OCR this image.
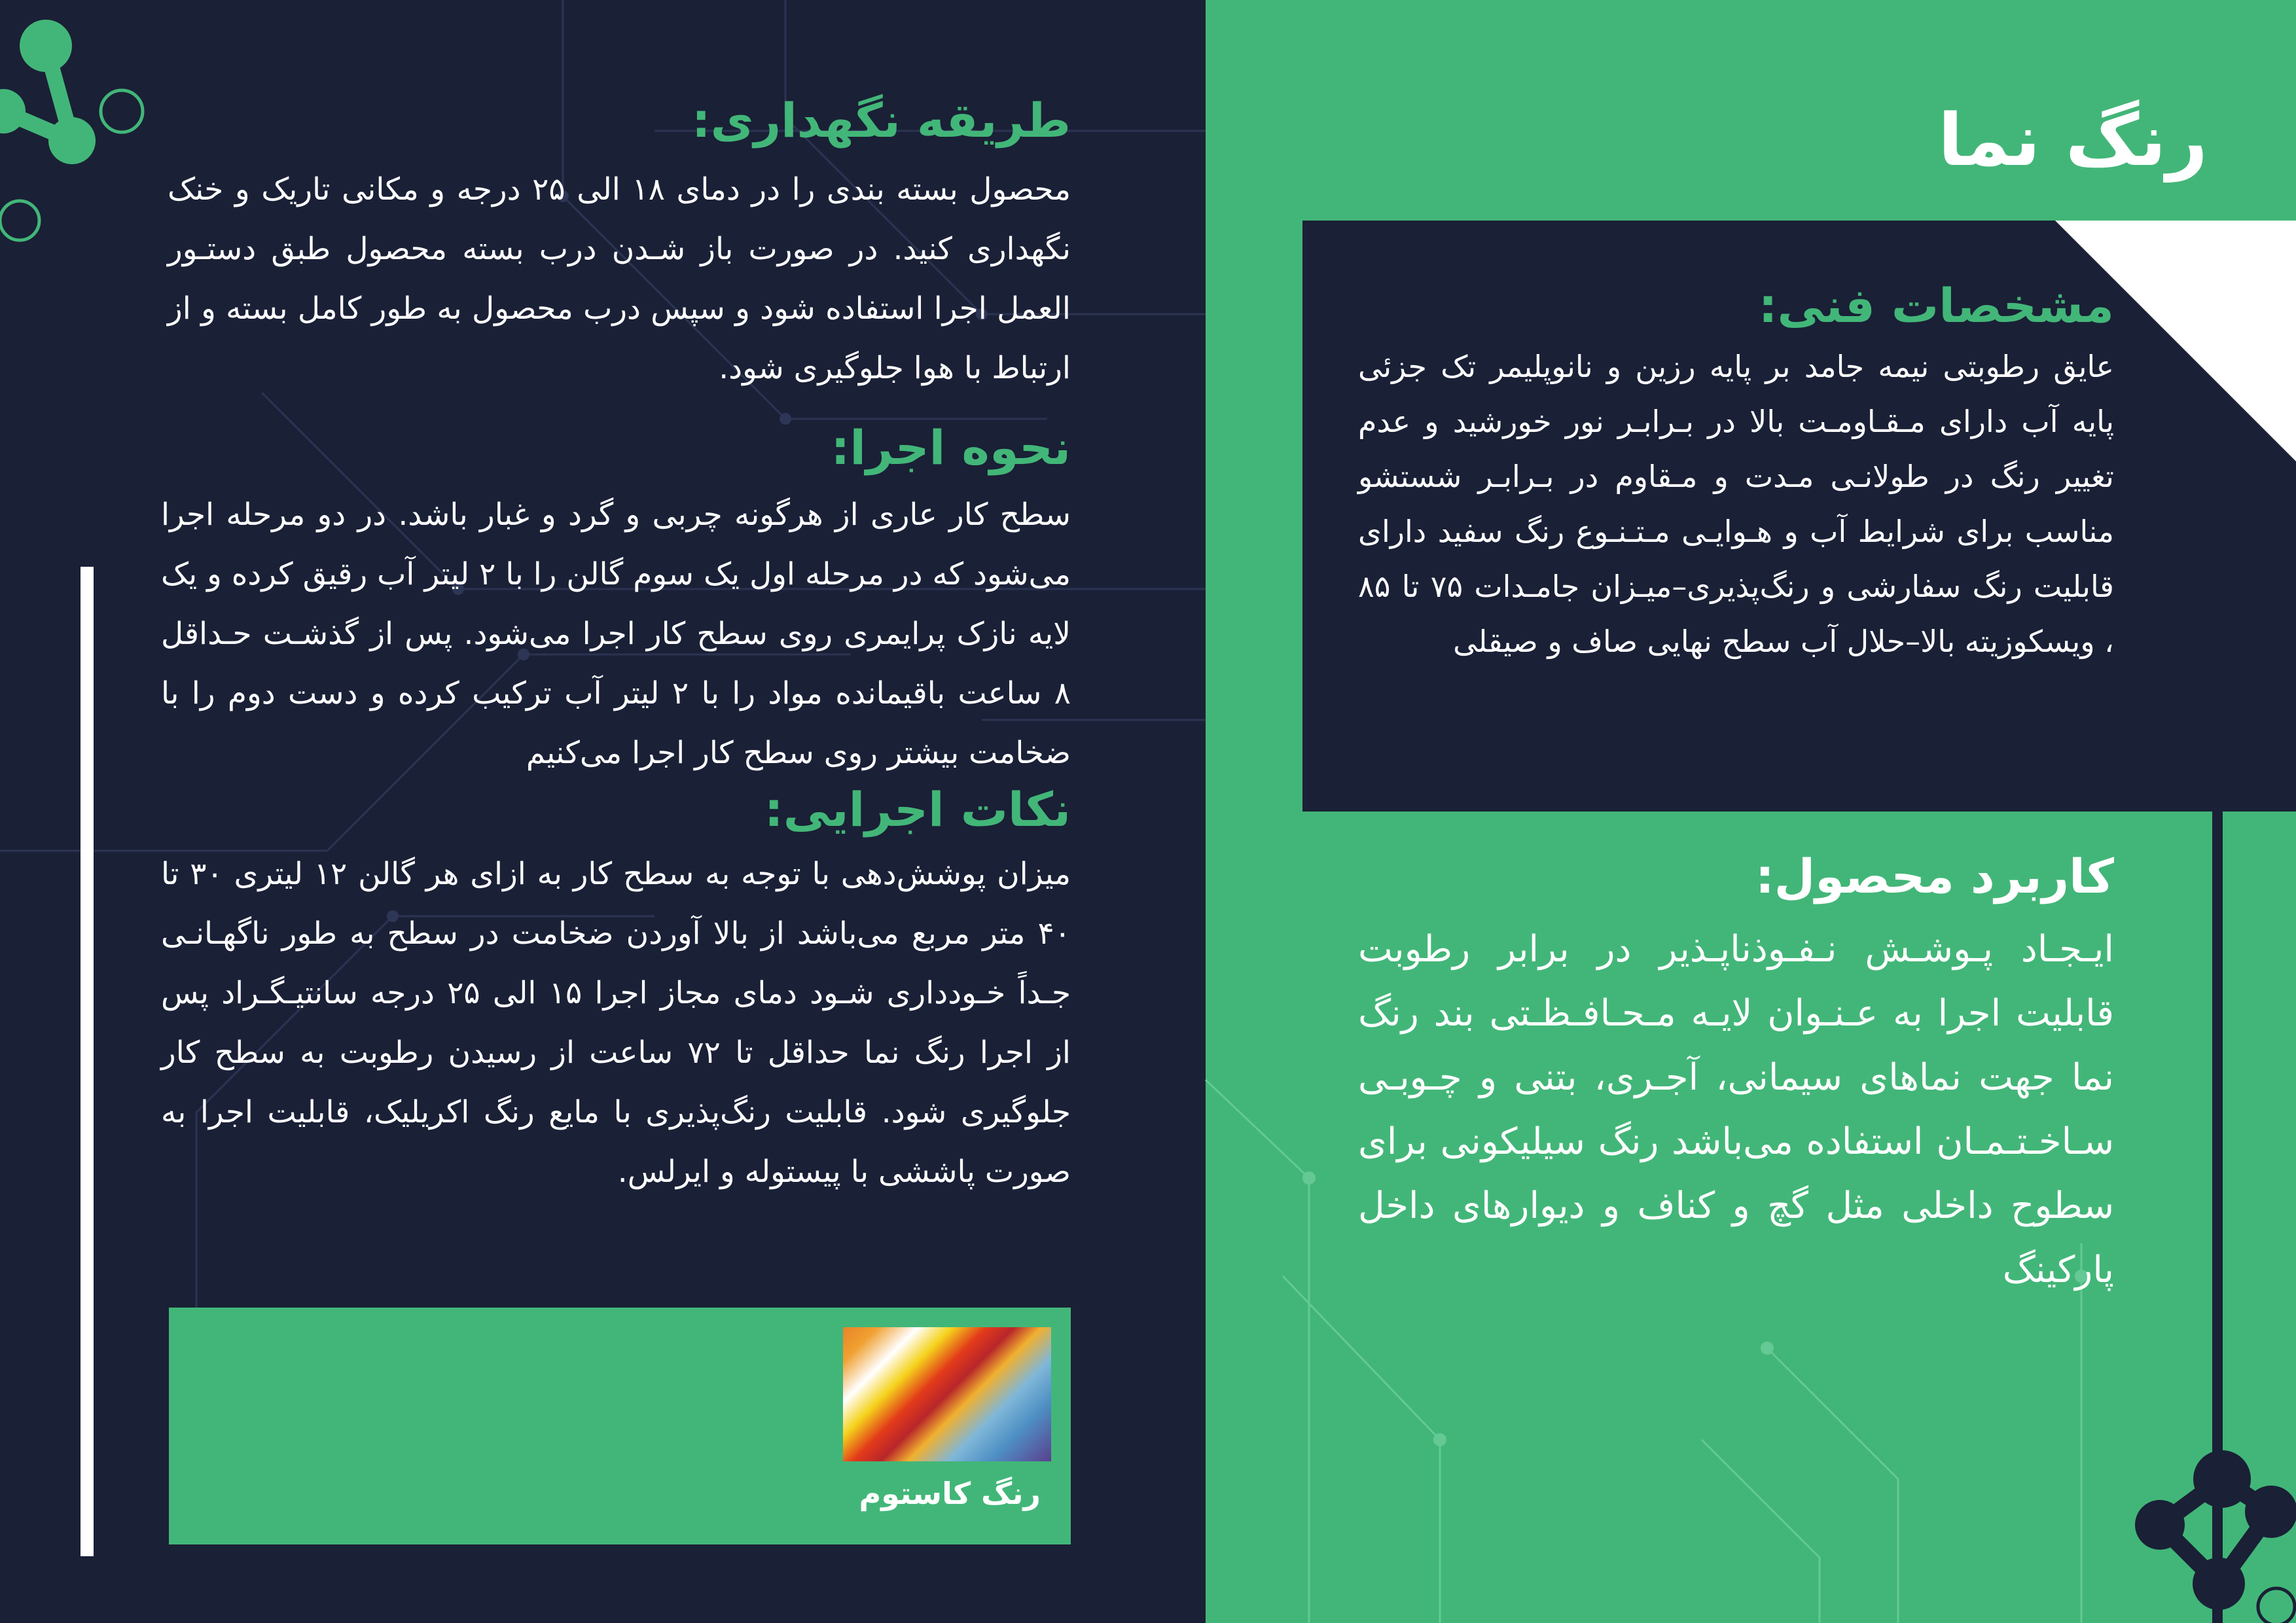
رنگ نما
مشخصات فنی:
عایق رطوبتی نیمه جامد بر پایه رزین و نانوپلیمر تک جزئی پایه آب دارای مـقـاومـت بالا در بـرابـر نور خورشید و عدم تغییر رنگ در طولانـی مـدت و مـقاوم در بـرابـر شستشو مناسب برای شرایط آب و هـوایـی مـتـنـوع رنگ سفید دارای قابلیت رنگ سفارشی و رنگ‌پذیری–میـزان جامـدات ۷۵ تا ۸۵ ، ویسکوزیته بالا–حلال آب سطح نهایی صاف و صیقلی
کاربرد محصول:
ایـجـاد پـوشـش نـفـوذناپـذیر در برابر رطوبت قابلیت اجرا به عـنـوان لایـه مـحـافـظـتی بند رنگ نما جهت نماهای سیمانی، آجـری، بتنی و چـوبـی سـاخـتـمـان استفاده می‌باشد رنگ سیلیکونی برای سطوح داخلی مثل گچ و کناف و دیوارهای داخل پارکینگ
طریقه نگهداری:
محصول بسته بندی را در دمای ۱۸ الی ۲۵ درجه و مکانی تاریک و خنک نگهداری کنید. در صورت باز شـدن درب بسته محصول طبق دستـور العمل اجرا استفاده شود و سپس درب محصول به طور کامل بسته و از ارتباط با هوا جلوگیری شود.
نحوه اجرا:
سطح کار عاری از هرگونه چربی و گرد و غبار باشد. در دو مرحله اجرا می‌شود که در مرحله اول یک سوم گالن را با ۲ لیتر آب رقیق کرده و یک لایه نازک پرایمری روی سطح کار اجرا می‌شود. پس از گذشـت حـداقل ۸ ساعت باقیمانده مواد را با ۲ لیتر آب ترکیب کرده و دست دوم را با ضخامت بیشتر روی سطح کار اجرا می‌کنیم
نکات اجرایی:
میزان پوشش‌دهی با توجه به سطح کار به ازای هر گالن ۱۲ لیتری ۳۰ تا ۴۰ متر مربع می‌باشد از بالا آوردن ضخامت در سطح به طور ناگهـانـی جـداً خـودداری شـود دمای مجاز اجرا ۱۵ الی ۲۵ درجه سانتیـگـراد پس از اجرا رنگ نما حداقل تا ۷۲ ساعت از رسیدن رطوبت به سطح کار جلوگیری شود. قابلیت رنگ‌پذیری با مایع رنگ اکریلیک، قابلیت اجرا به صورت پاششی با پیستوله و ایرلس.
رنگ کاستوم
